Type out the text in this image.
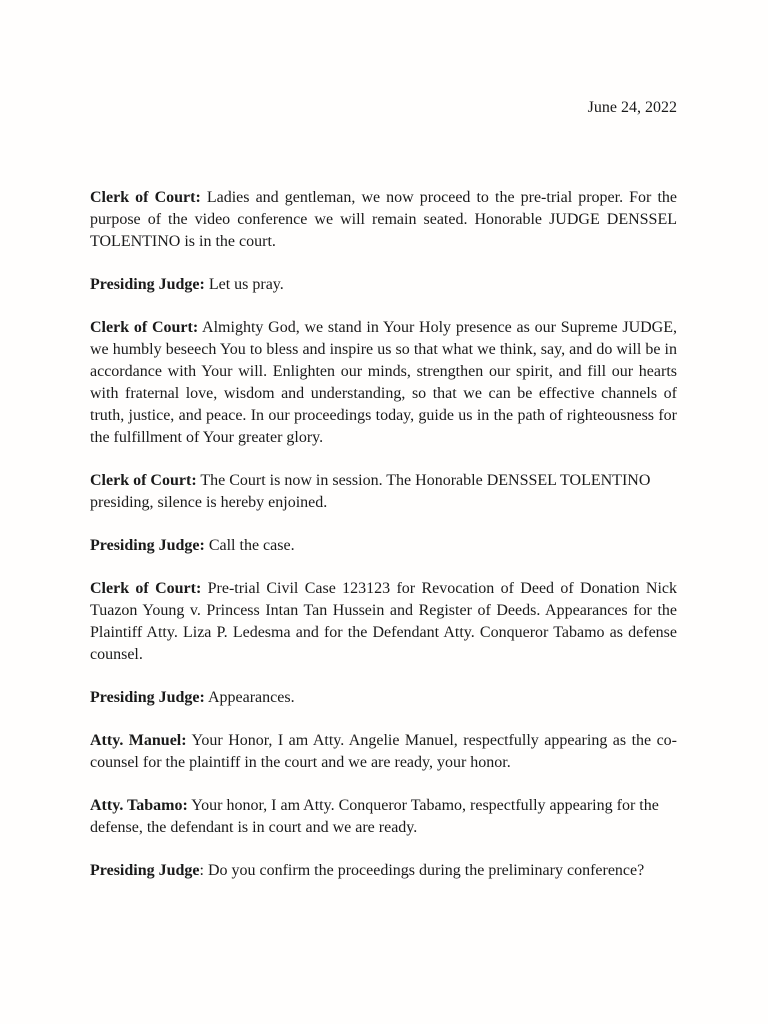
June 24, 2022

Clerk of Court: Ladies and gentleman, we now proceed to the pre-trial proper. For the purpose of the video conference we will remain seated. Honorable JUDGE DENSSEL TOLENTINO is in the court.

Presiding Judge: Let us pray.

Clerk of Court: Almighty God, we stand in Your Holy presence as our Supreme JUDGE, we humbly beseech You to bless and inspire us so that what we think, say, and do will be in accordance with Your will. Enlighten our minds, strengthen our spirit, and fill our hearts with fraternal love, wisdom and understanding, so that we can be effective channels of truth, justice, and peace. In our proceedings today, guide us in the path of righteousness for the fulfillment of Your greater glory.

Clerk of Court: The Court is now in session. The Honorable DENSSEL TOLENTINO presiding, silence is hereby enjoined.

Presiding Judge: Call the case.

Clerk of Court: Pre-trial Civil Case 123123 for Revocation of Deed of Donation Nick Tuazon Young v. Princess Intan Tan Hussein and Register of Deeds. Appearances for the Plaintiff Atty. Liza P. Ledesma and for the Defendant Atty. Conqueror Tabamo as defense counsel.

Presiding Judge: Appearances.

Atty. Manuel: Your Honor, I am Atty. Angelie Manuel, respectfully appearing as the co-counsel for the plaintiff in the court and we are ready, your honor.

Atty. Tabamo: Your honor, I am Atty. Conqueror Tabamo, respectfully appearing for the defense, the defendant is in court and we are ready.

Presiding Judge: Do you confirm the proceedings during the preliminary conference?
